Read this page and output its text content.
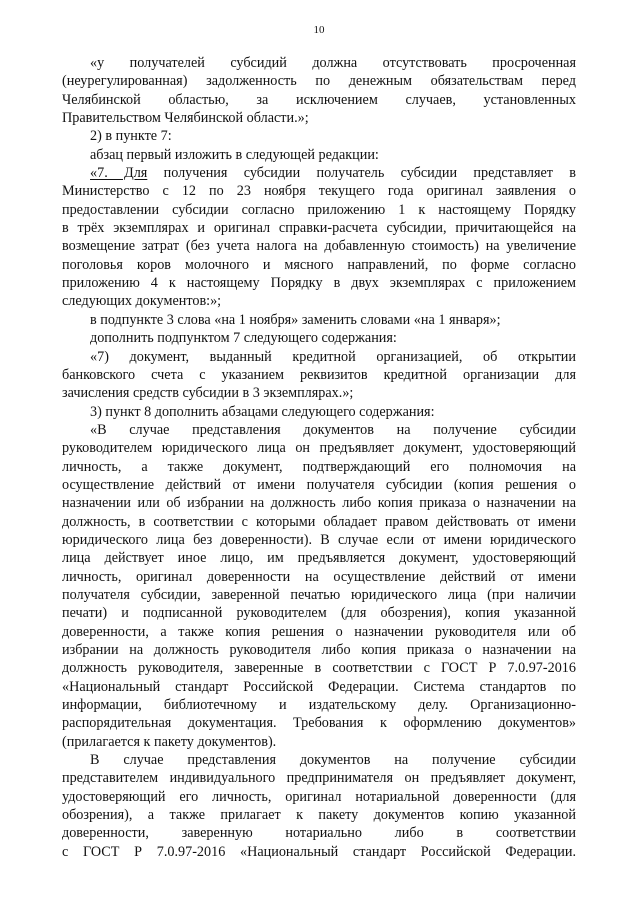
10
«у получателей субсидий должна отсутствовать просроченная
(неурегулированная) задолженность по денежным обязательствам перед
Челябинской областью, за исключением случаев, установленных
Правительством Челябинской области.»;
2) в пункте 7:
абзац первый изложить в следующей редакции:
«7. Для получения субсидии получатель субсидии представляет в
Министерство с 12 по 23 ноября текущего года оригинал заявления о
предоставлении субсидии согласно приложению 1 к настоящему Порядку
в трёх экземплярах и оригинал справки-расчета субсидии, причитающейся на
возмещение затрат (без учета налога на добавленную стоимость) на увеличение
поголовья коров молочного и мясного направлений, по форме согласно
приложению 4 к настоящему Порядку в двух экземплярах с приложением
следующих документов:»;
в подпункте 3 слова «на 1 ноября» заменить словами «на 1 января»;
дополнить подпунктом 7 следующего содержания:
«7) документ, выданный кредитной организацией, об открытии
банковского счета с указанием реквизитов кредитной организации для
зачисления средств субсидии в 3 экземплярах.»;
3) пункт 8 дополнить абзацами следующего содержания:
«В случае представления документов на получение субсидии
руководителем юридического лица он предъявляет документ, удостоверяющий
личность, а также документ, подтверждающий его полномочия на
осуществление действий от имени получателя субсидии (копия решения о
назначении или об избрании на должность либо копия приказа о назначении на
должность, в соответствии с которыми обладает правом действовать от имени
юридического лица без доверенности). В случае если от имени юридического
лица действует иное лицо, им предъявляется документ, удостоверяющий
личность, оригинал доверенности на осуществление действий от имени
получателя субсидии, заверенной печатью юридического лица (при наличии
печати) и подписанной руководителем (для обозрения), копия указанной
доверенности, а также копия решения о назначении руководителя или об
избрании на должность руководителя либо копия приказа о назначении на
должность руководителя, заверенные в соответствии с ГОСТ Р 7.0.97-2016
«Национальный стандарт Российской Федерации. Система стандартов по
информации, библиотечному и издательскому делу. Организационно-
распорядительная документация. Требования к оформлению документов»
(прилагается к пакету документов).
В случае представления документов на получение субсидии
представителем индивидуального предпринимателя он предъявляет документ,
удостоверяющий его личность, оригинал нотариальной доверенности (для
обозрения), а также прилагает к пакету документов копию указанной
доверенности, заверенную нотариально либо в соответствии
с ГОСТ Р 7.0.97-2016 «Национальный стандарт Российской Федерации.
